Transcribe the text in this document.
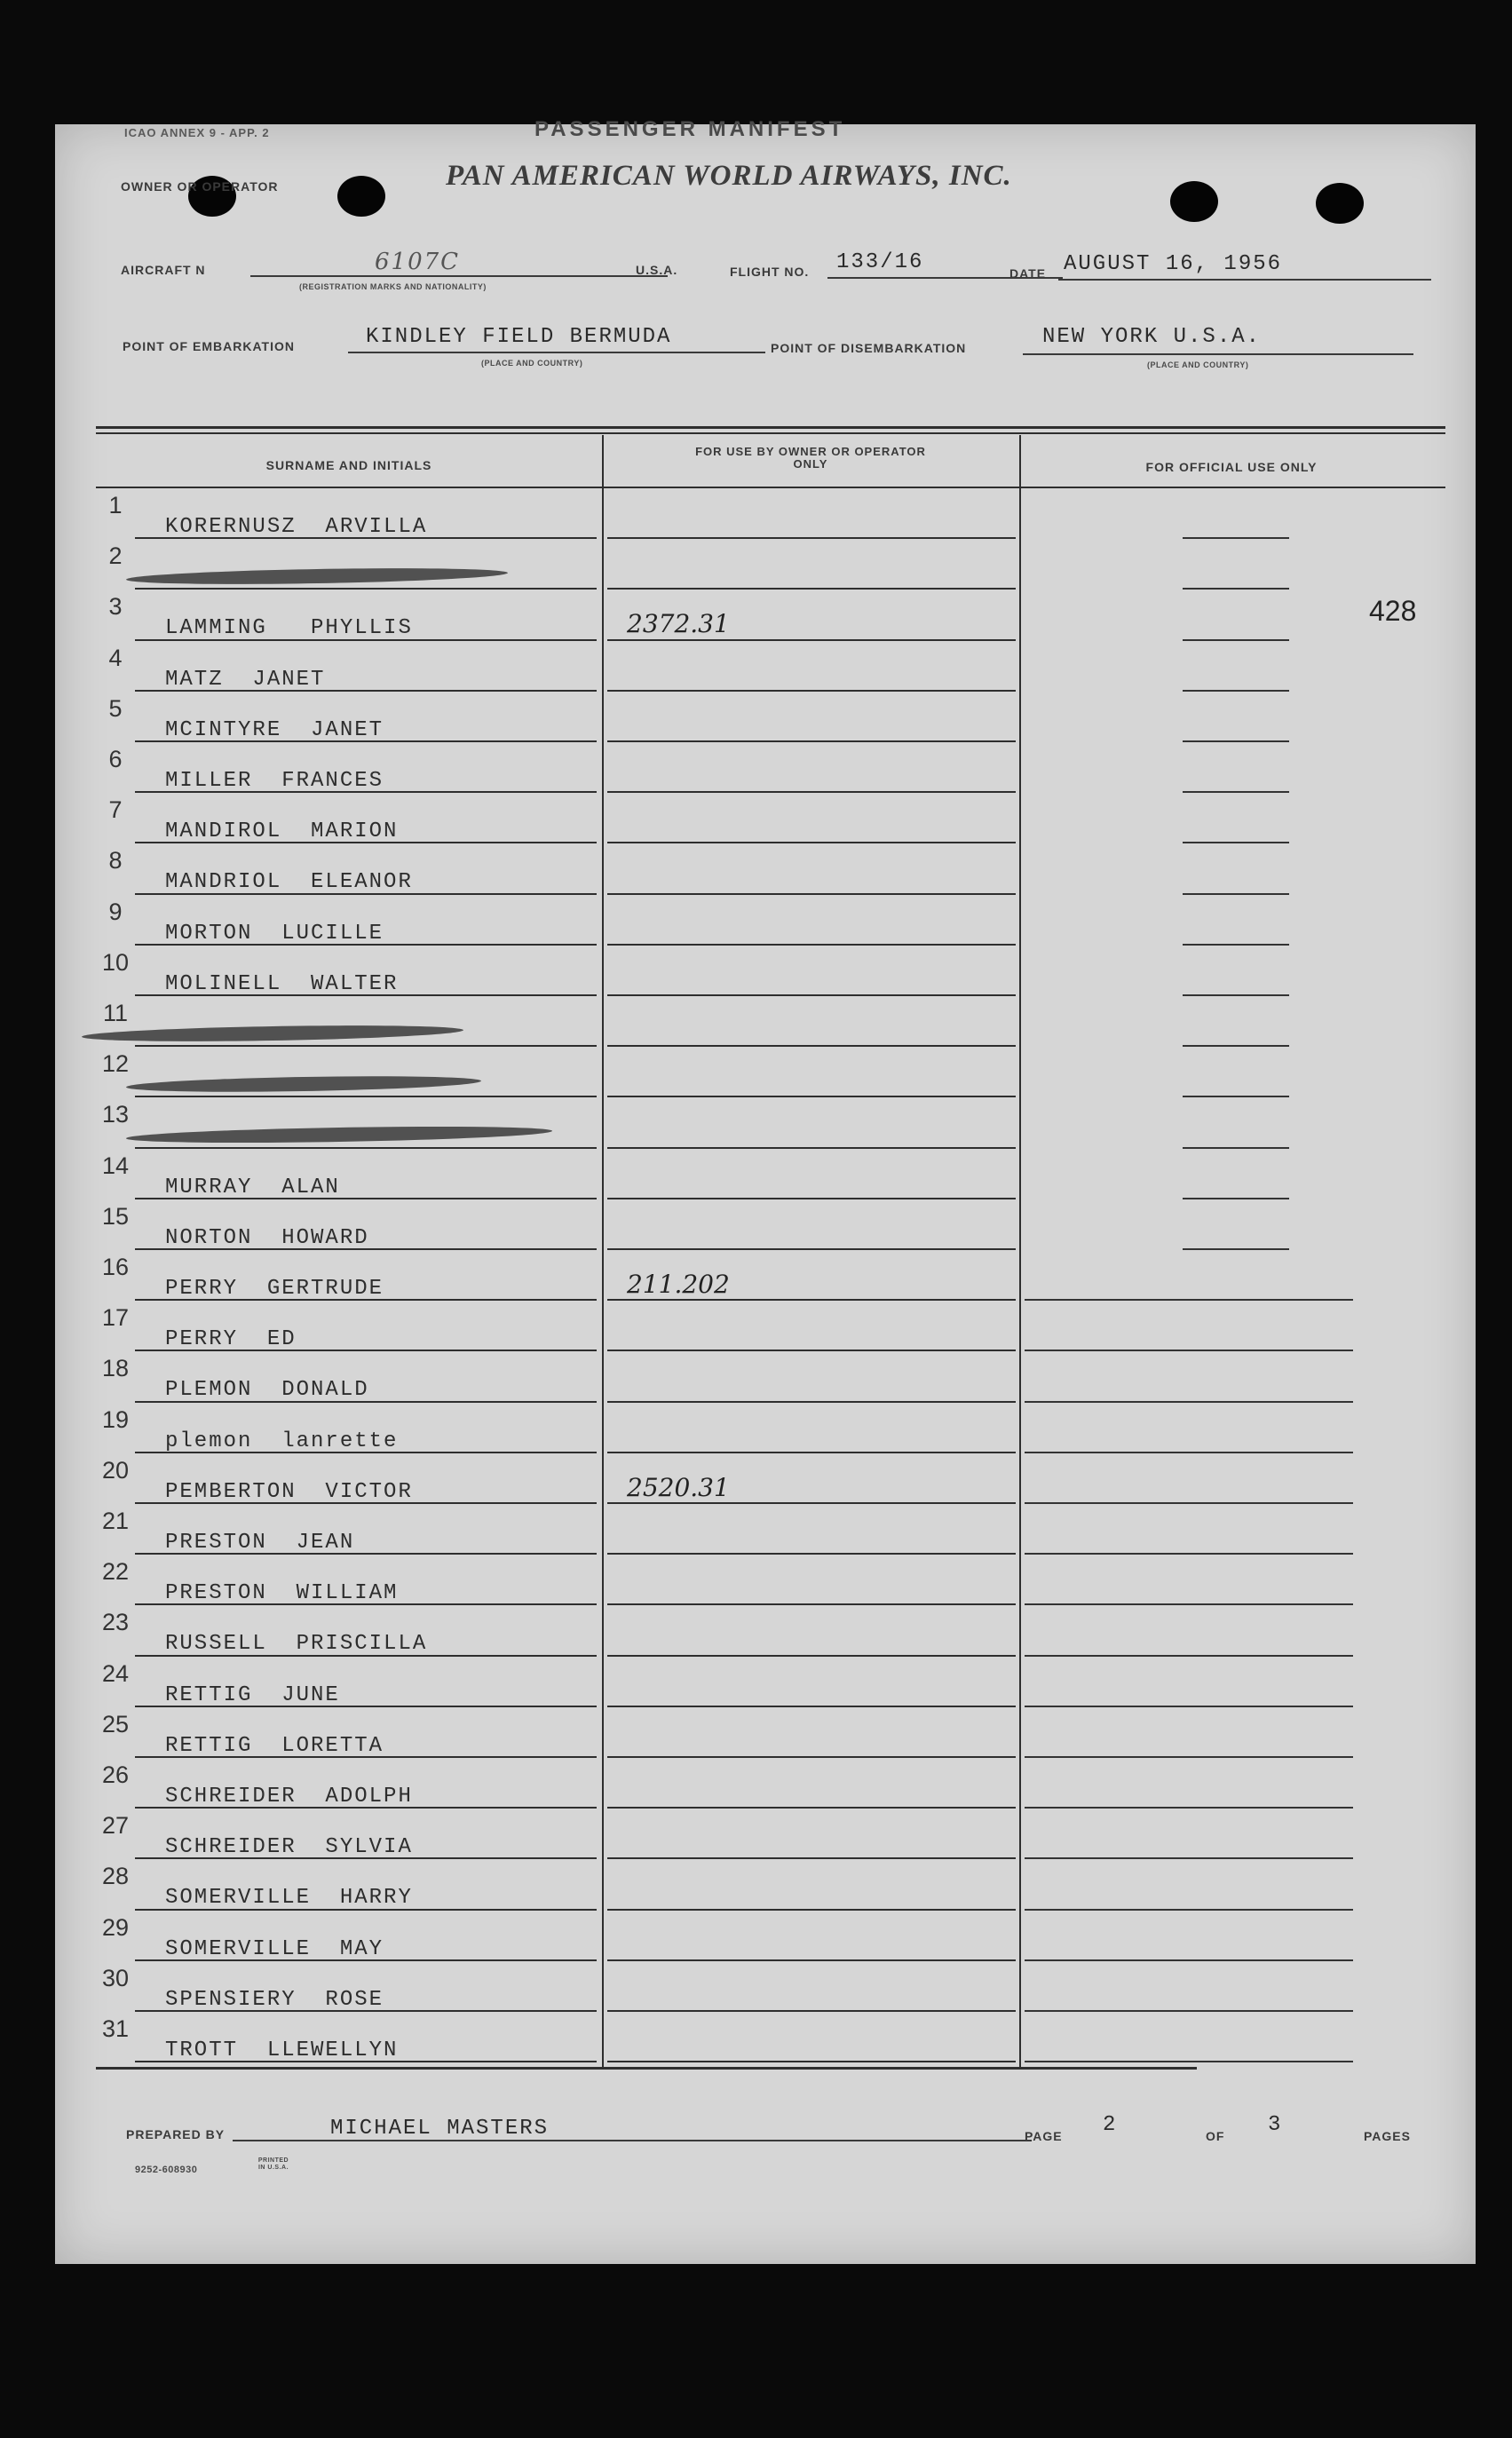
ICAO ANNEX 9 - APP. 2	PASSENGER MANIFEST
OWNER OR OPERATOR	PAN AMERICAN WORLD AIRWAYS, INC.
AIRCRAFT N	6107C
(REGISTRATION MARKS AND NATIONALITY)
U.S.A.	FLIGHT NO. 133/16	DATE AUGUST 16, 1956
POINT OF EMBARKATION	KINDLEY FIELD BERMUDA
(PLACE AND COUNTRY)
POINT OF DISEMBARKATION	NEW YORK U.S.A.
(PLACE AND COUNTRY)
SURNAME AND INITIALS
FOR USE BY OWNER OR OPERATOR ONLY	FOR OFFICIAL USE ONLY
1
KORERNUSZ  ARVILLA
2
3
LAMMING   PHYLLIS	2372.31
4
MATZ  JANET
5
MCINTYRE  JANET
6
MILLER  FRANCES
7
MANDIROL  MARION
8
MANDRIOL  ELEANOR
9
MORTON  LUCILLE
10
MOLINELL  WALTER
11
12
13
14
MURRAY  ALAN
15
NORTON  HOWARD
16
PERRY  GERTRUDE	211.202
17
PERRY  ED
18
PLEMON  DONALD
19
plemon  lanrette
20
PEMBERTON  VICTOR	2520.31
21
PRESTON  JEAN
22
PRESTON  WILLIAM
23
RUSSELL  PRISCILLA
24
RETTIG  JUNE
25
RETTIG  LORETTA
26
SCHREIDER  ADOLPH
27
SCHREIDER  SYLVIA
28
SOMERVILLE  HARRY
29
SOMERVILLE  MAY
30
SPENSIERY  ROSE
31
TROTT  LLEWELLYN
428
PREPARED BY	MICHAEL MASTERS	PAGE 2	OF 3	PAGES
9252-608930
PRINTED IN U.S.A.
